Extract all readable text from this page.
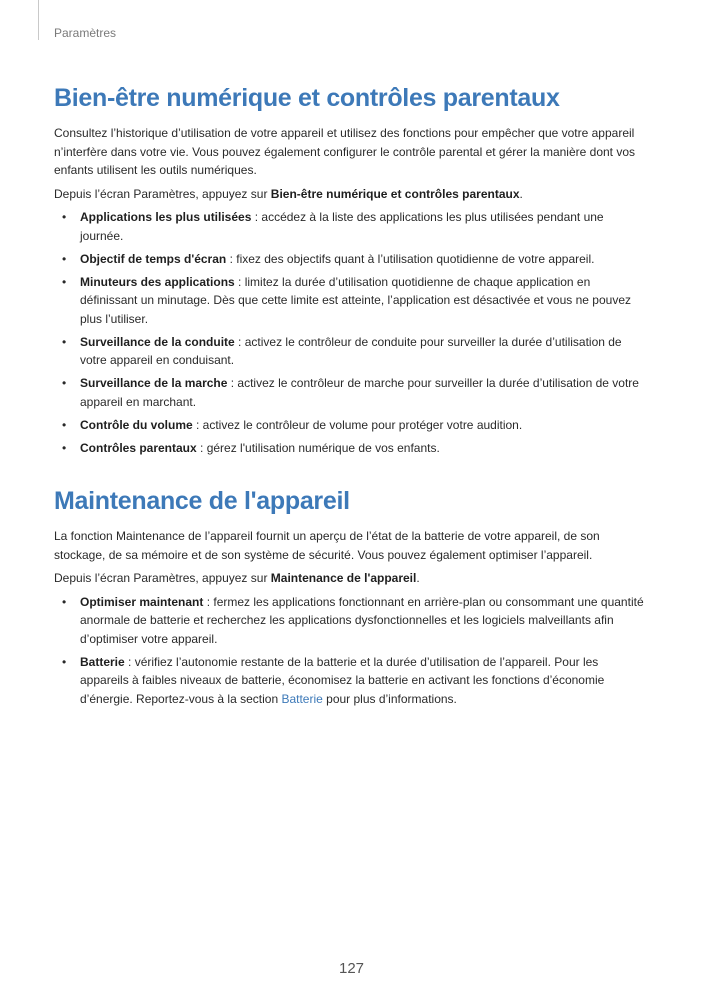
Paramètres
Bien-être numérique et contrôles parentaux

Consultez l’historique d’utilisation de votre appareil et utilisez des fonctions pour empêcher que votre appareil n’interfère dans votre vie. Vous pouvez également configurer le contrôle parental et gérer la manière dont vos enfants utilisent les outils numériques.

Depuis l’écran Paramètres, appuyez sur Bien-être numérique et contrôles parentaux.

• Applications les plus utilisées : accédez à la liste des applications les plus utilisées pendant une journée.
• Objectif de temps d'écran : fixez des objectifs quant à l’utilisation quotidienne de votre appareil.
• Minuteurs des applications : limitez la durée d’utilisation quotidienne de chaque application en définissant un minutage. Dès que cette limite est atteinte, l’application est désactivée et vous ne pouvez plus l’utiliser.
• Surveillance de la conduite : activez le contrôleur de conduite pour surveiller la durée d’utilisation de votre appareil en conduisant.
• Surveillance de la marche : activez le contrôleur de marche pour surveiller la durée d’utilisation de votre appareil en marchant.
• Contrôle du volume : activez le contrôleur de volume pour protéger votre audition.
• Contrôles parentaux : gérez l'utilisation numérique de vos enfants.
Maintenance de l'appareil

La fonction Maintenance de l’appareil fournit un aperçu de l’état de la batterie de votre appareil, de son stockage, de sa mémoire et de son système de sécurité. Vous pouvez également optimiser l’appareil.

Depuis l’écran Paramètres, appuyez sur Maintenance de l'appareil.

• Optimiser maintenant : fermez les applications fonctionnant en arrière-plan ou consommant une quantité anormale de batterie et recherchez les applications dysfonctionnelles et les logiciels malveillants afin d’optimiser votre appareil.
• Batterie : vérifiez l’autonomie restante de la batterie et la durée d’utilisation de l’appareil. Pour les appareils à faibles niveaux de batterie, économisez la batterie en activant les fonctions d’économie d’énergie. Reportez-vous à la section Batterie pour plus d’informations.
127
